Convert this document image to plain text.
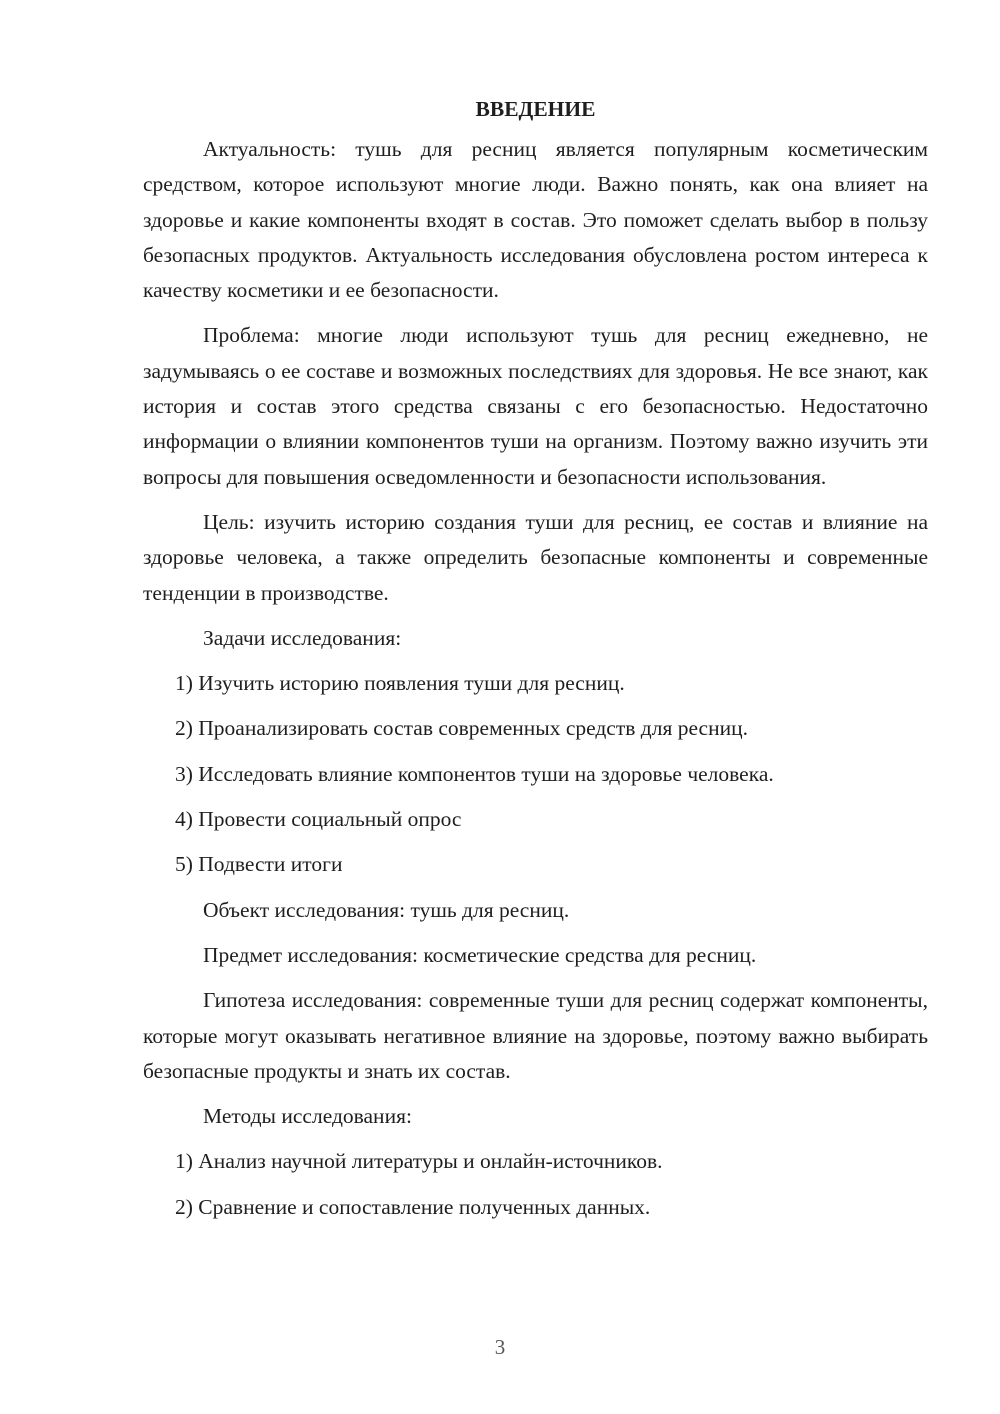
ВВЕДЕНИЕ

Актуальность: тушь для ресниц является популярным косметическим средством, которое используют многие люди. Важно понять, как она влияет на здоровье и какие компоненты входят в состав. Это поможет сделать выбор в пользу безопасных продуктов. Актуальность исследования обусловлена ростом интереса к качеству косметики и ее безопасности.

Проблема: многие люди используют тушь для ресниц ежедневно, не задумываясь о ее составе и возможных последствиях для здоровья. Не все знают, как история и состав этого средства связаны с его безопасностью. Недостаточно информации о влиянии компонентов туши на организм. Поэтому важно изучить эти вопросы для повышения осведомленности и безопасности использования.

Цель: изучить историю создания туши для ресниц, ее состав и влияние на здоровье человека, а также определить безопасные компоненты и современные тенденции в производстве.

Задачи исследования:
1) Изучить историю появления туши для ресниц.
2) Проанализировать состав современных средств для ресниц.
3) Исследовать влияние компонентов туши на здоровье человека.
4) Провести социальный опрос
5) Подвести итоги
Объект исследования: тушь для ресниц.
Предмет исследования: косметические средства для ресниц.

Гипотеза исследования: современные туши для ресниц содержат компоненты, которые могут оказывать негативное влияние на здоровье, поэтому важно выбирать безопасные продукты и знать их состав.

Методы исследования:
1) Анализ научной литературы и онлайн-источников.
2) Сравнение и сопоставление полученных данных.
3
